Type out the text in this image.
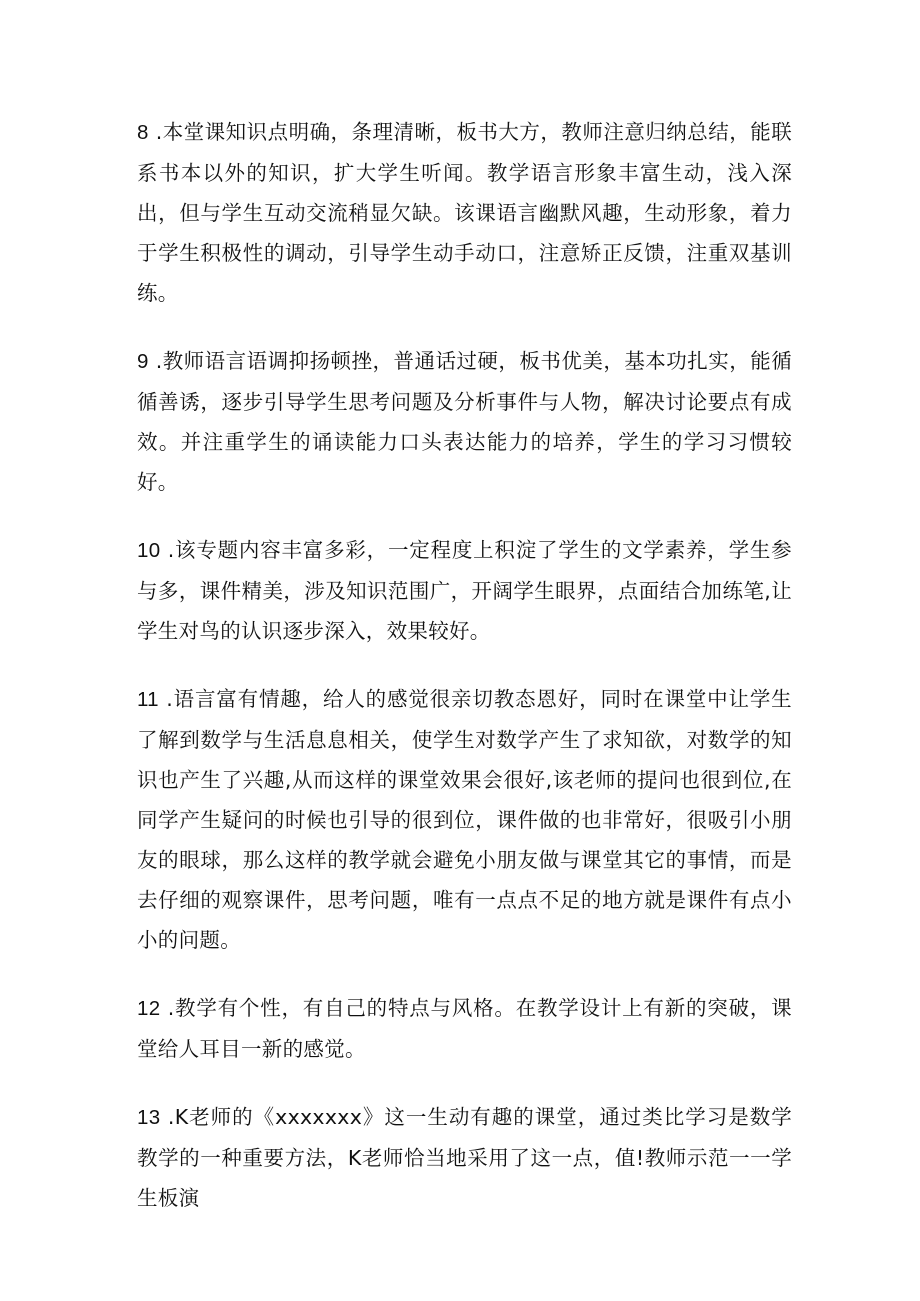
8 .本堂课知识点明确，条理清晰，板书大方，教师注意归纳总结，能联系书本以外的知识，扩大学生听闻。教学语言形象丰富生动，浅入深出，但与学生互动交流稍显欠缺。该课语言幽默风趣，生动形象，着力于学生积极性的调动，引导学生动手动口，注意矫正反馈，注重双基训练。

9 .教师语言语调抑扬顿挫，普通话过硬，板书优美，基本功扎实，能循循善诱，逐步引导学生思考问题及分析事件与人物，解决讨论要点有成效。并注重学生的诵读能力口头表达能力的培养，学生的学习习惯较好。

10 .该专题内容丰富多彩，一定程度上积淀了学生的文学素养，学生参与多，课件精美，涉及知识范围广，开阔学生眼界，点面结合加练笔,让学生对鸟的认识逐步深入，效果较好。

11 .语言富有情趣，给人的感觉很亲切教态恩好，同时在课堂中让学生了解到数学与生活息息相关，使学生对数学产生了求知欲，对数学的知识也产生了兴趣,从而这样的课堂效果会很好,该老师的提问也很到位,在同学产生疑问的时候也引导的很到位，课件做的也非常好，很吸引小朋友的眼球，那么这样的教学就会避免小朋友做与课堂其它的事情，而是去仔细的观察课件，思考问题，唯有一点点不足的地方就是课件有点小小的问题。

12 .教学有个性，有自己的特点与风格。在教学设计上有新的突破，课堂给人耳目一新的感觉。

13 .K老师的《xxxxxxx》这一生动有趣的课堂，通过类比学习是数学教学的一种重要方法，K老师恰当地采用了这一点，值!教师示范一一学生板演
